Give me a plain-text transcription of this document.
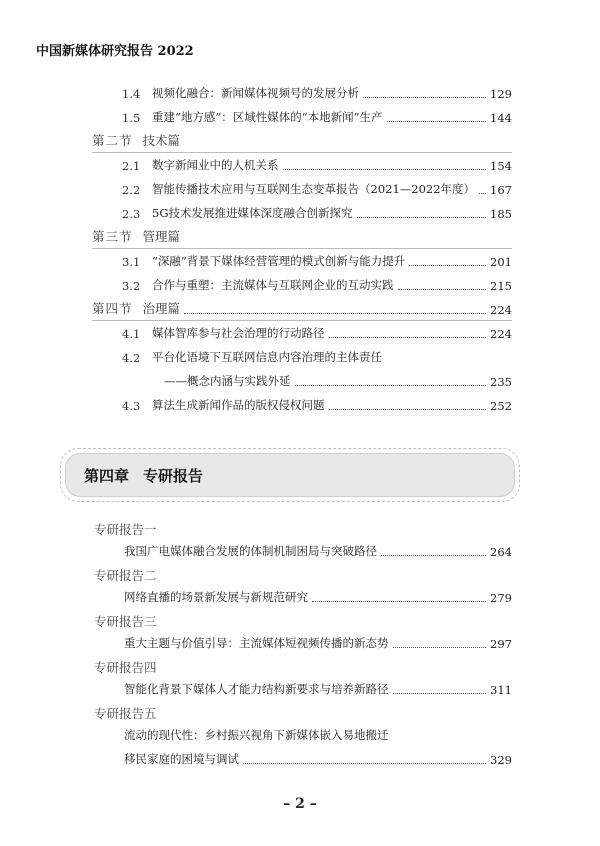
中国新媒体研究报告 2022
1.4	视频化融合：新闻媒体视频号的发展分析	129
1.5	重建“地方感”：区域性媒体的“本地新闻”生产	144
第二节 技术篇
2.1	数字新闻业中的人机关系	154
2.2	智能传播技术应用与互联网生态变革报告（2021—2022年度） 167
2.3	5G技术发展推进媒体深度融合创新探究	185
第三节 管理篇
3.1	“深融”背景下媒体经营管理的模式创新与能力提升	201
3.2	合作与重塑：主流媒体与互联网企业的互动实践	215
第四节 治理篇	224
4.1	媒体智库参与社会治理的行动路径	224
4.2	平台化语境下互联网信息内容治理的主体责任
——概念内涵与实践外延	235
4.3	算法生成新闻作品的版权侵权问题	252
第四章 专研报告
专研报告一
我国广电媒体融合发展的体制机制困局与突破路径	264
专研报告二
网络直播的场景新发展与新规范研究	279
专研报告三
重大主题与价值引导：主流媒体短视频传播的新态势	297
专研报告四
智能化背景下媒体人才能力结构新要求与培养新路径	311
专研报告五
流动的现代性：乡村振兴视角下新媒体嵌入易地搬迁
移民家庭的困境与调试	329
– 2 –
